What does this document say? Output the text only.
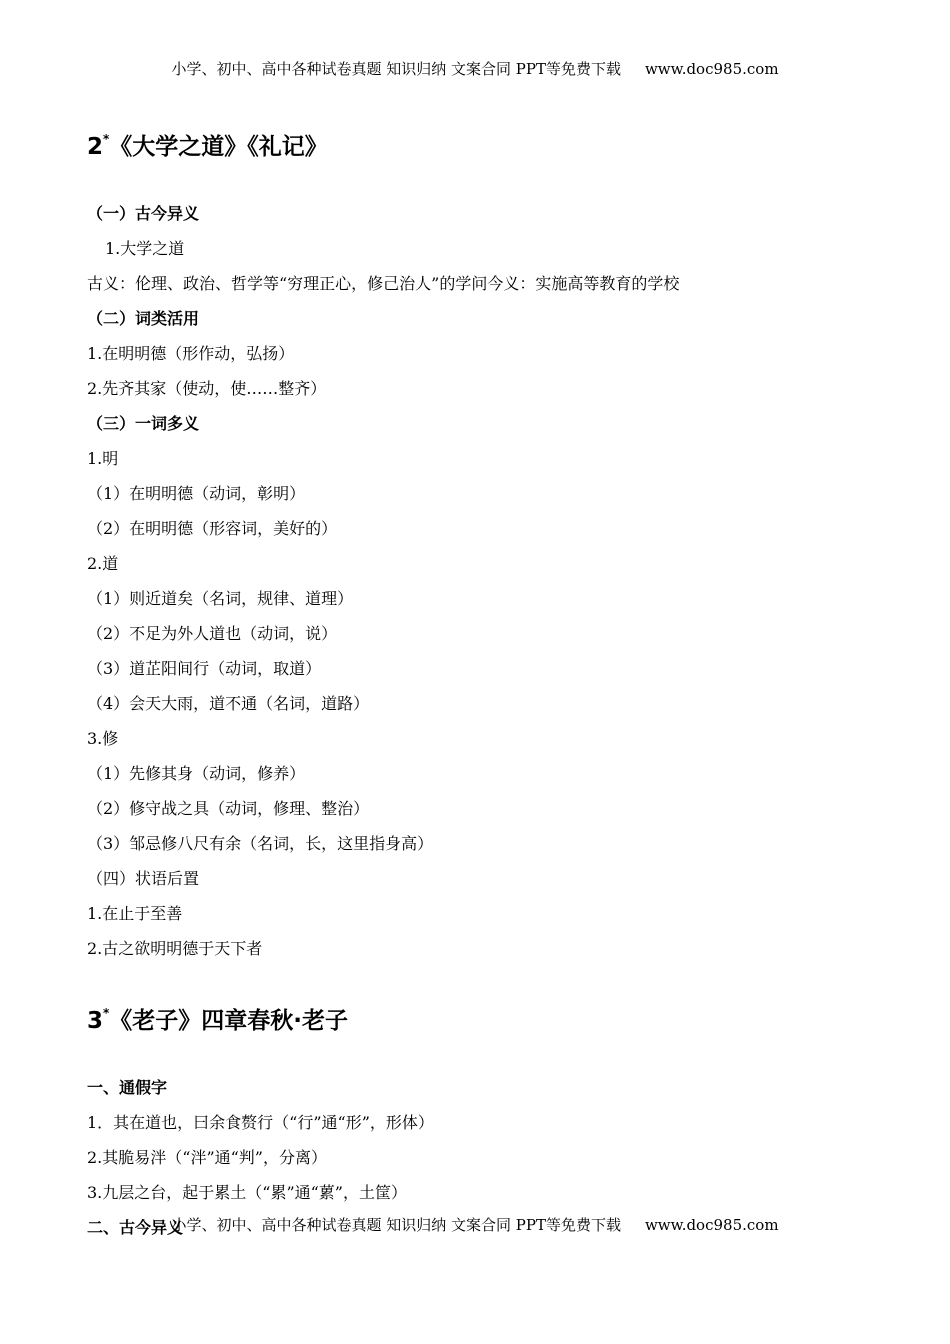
小学、初中、高中各种试卷真题 知识归纳 文案合同 PPT等免费下载 www.doc985.com
2*《大学之道》《礼记》
（一）古今异义
1.大学之道
古义：伦理、政治、哲学等“穷理正心，修己治人”的学问今义：实施高等教育的学校
（二）词类活用
1.在明明德（形作动，弘扬）
2.先齐其家（使动，使……整齐）
（三）一词多义
1.明
（1）在明明德（动词，彰明）
（2）在明明德（形容词，美好的）
2.道
（1）则近道矣（名词，规律、道理）
（2）不足为外人道也（动词，说）
（3）道芷阳间行（动词，取道）
（4）会天大雨，道不通（名词，道路）
3.修
（1）先修其身（动词，修养）
（2）修守战之具（动词，修理、整治）
（3）邹忌修八尺有余（名词，长，这里指身高）
（四）状语后置
1.在止于至善
2.古之欲明明德于天下者
3*《老子》四章春秋·老子
一、通假字
1．其在道也，曰余食赘行（“行”通“形”，形体）
2.其脆易泮（“泮”通“判”，分离）
3.九层之台，起于累土（“累”通“蔂”，土筐）
二、古今异义
小学、初中、高中各种试卷真题 知识归纳 文案合同 PPT等免费下载 www.doc985.com
